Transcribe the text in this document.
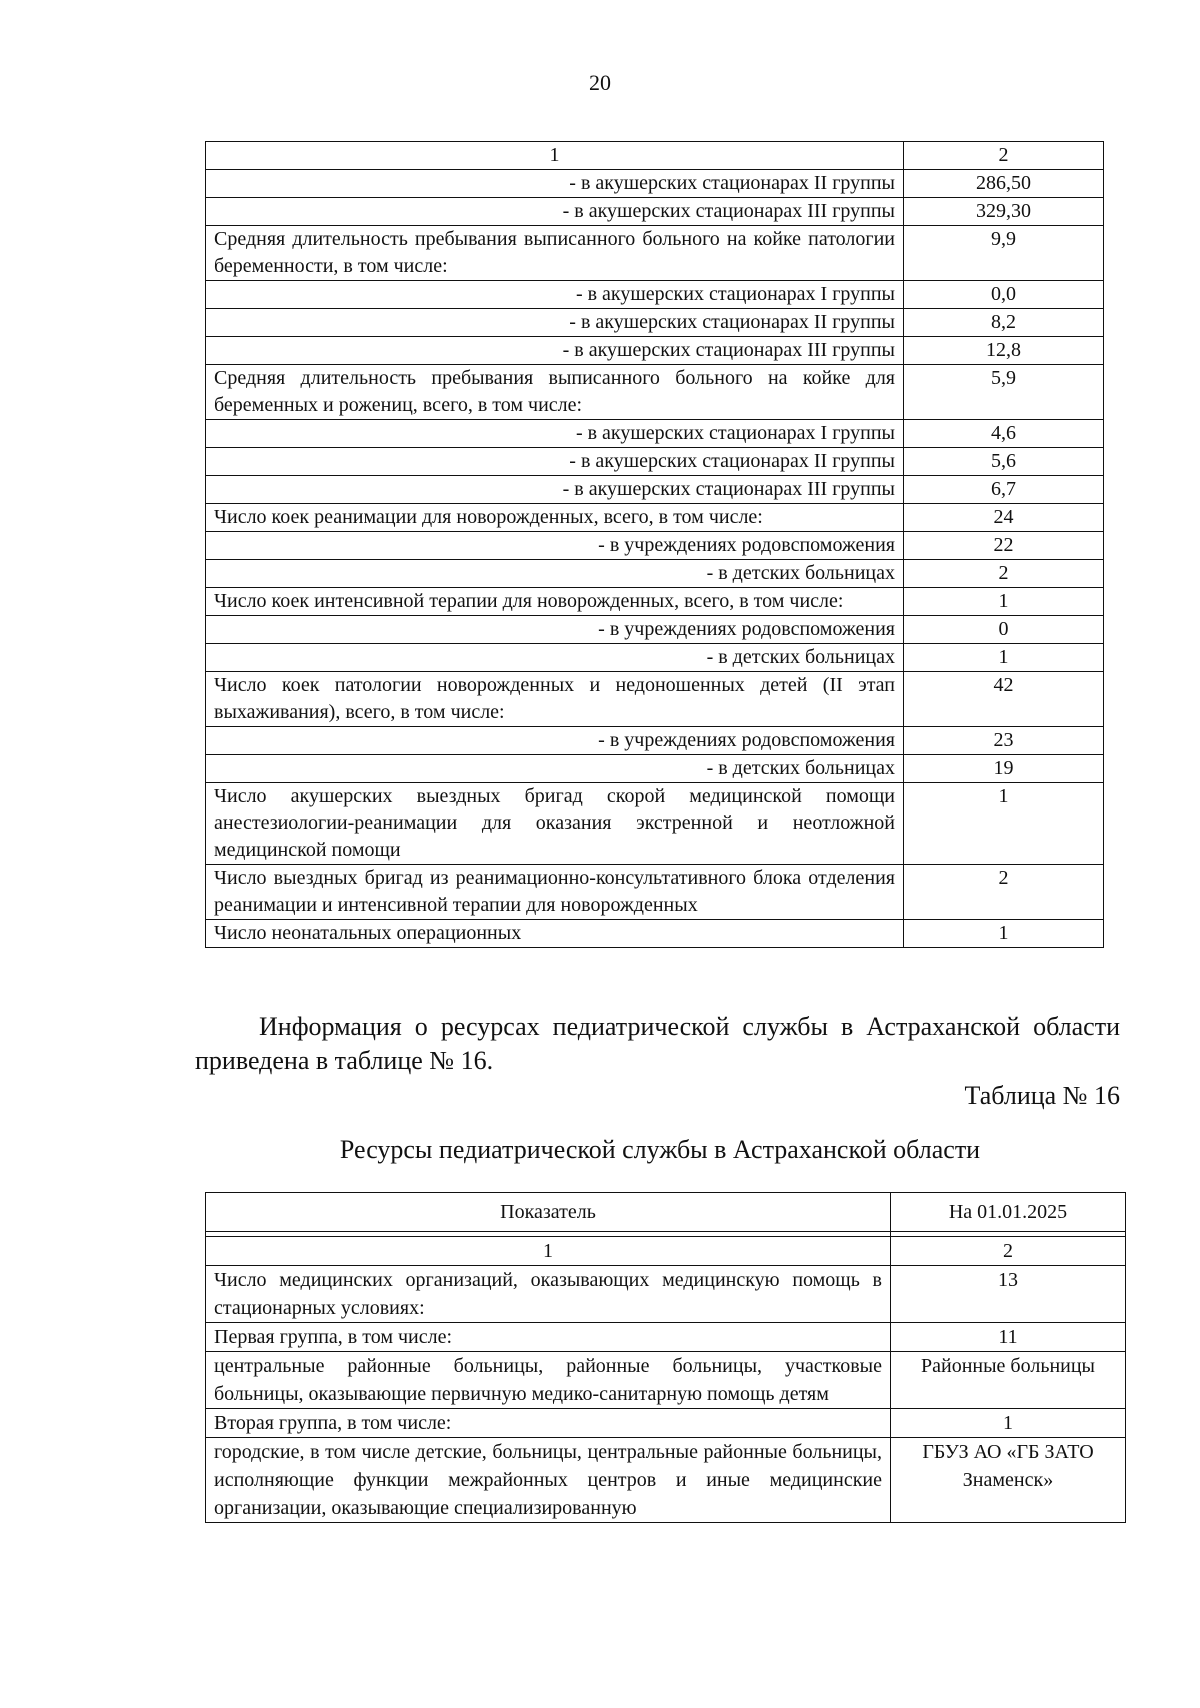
20
1	2
- в акушерских стационарах II группы	286,50
- в акушерских стационарах III группы	329,30
Средняя длительность пребывания выписанного больного на койке патологии беременности, в том числе:	9,9
- в акушерских стационарах I группы	0,0
- в акушерских стационарах II группы	8,2
- в акушерских стационарах III группы	12,8
Средняя длительность пребывания выписанного больного на койке для беременных и рожениц, всего, в том числе:	5,9
- в акушерских стационарах I группы	4,6
- в акушерских стационарах II группы	5,6
- в акушерских стационарах III группы	6,7
Число коек реанимации для новорожденных, всего, в том числе:	24
- в учреждениях родовспоможения	22
- в детских больницах	2
Число коек интенсивной терапии для новорожденных, всего, в том числе:	1
- в учреждениях родовспоможения	0
- в детских больницах	1
Число коек патологии новорожденных и недоношенных детей (II этап выхаживания), всего, в том числе:	42
- в учреждениях родовспоможения	23
- в детских больницах	19
Число акушерских выездных бригад скорой медицинской помощи анестезиологии-реанимации для оказания экстренной и неотложной медицинской помощи	1
Число выездных бригад из реанимационно-консультативного блока отделения реанимации и интенсивной терапии для новорожденных	2
Число неонатальных операционных	1
Информация о ресурсах педиатрической службы в Астраханской области приведена в таблице № 16.
Таблица № 16
Ресурсы педиатрической службы в Астраханской области
Показатель	На 01.01.2025

1	2
Число медицинских организаций, оказывающих медицинскую помощь в стационарных условиях:	13
Первая группа, в том числе:	11
центральные районные больницы, районные больницы, участковые больницы, оказывающие первичную медико-санитарную помощь детям	Районные больницы
Вторая группа, в том числе:	1
городские, в том числе детские, больницы, центральные районные больницы, исполняющие функции межрайонных центров и иные медицинские организации, оказывающие специализированную	ГБУЗ АО «ГБ ЗАТО Знаменск»
